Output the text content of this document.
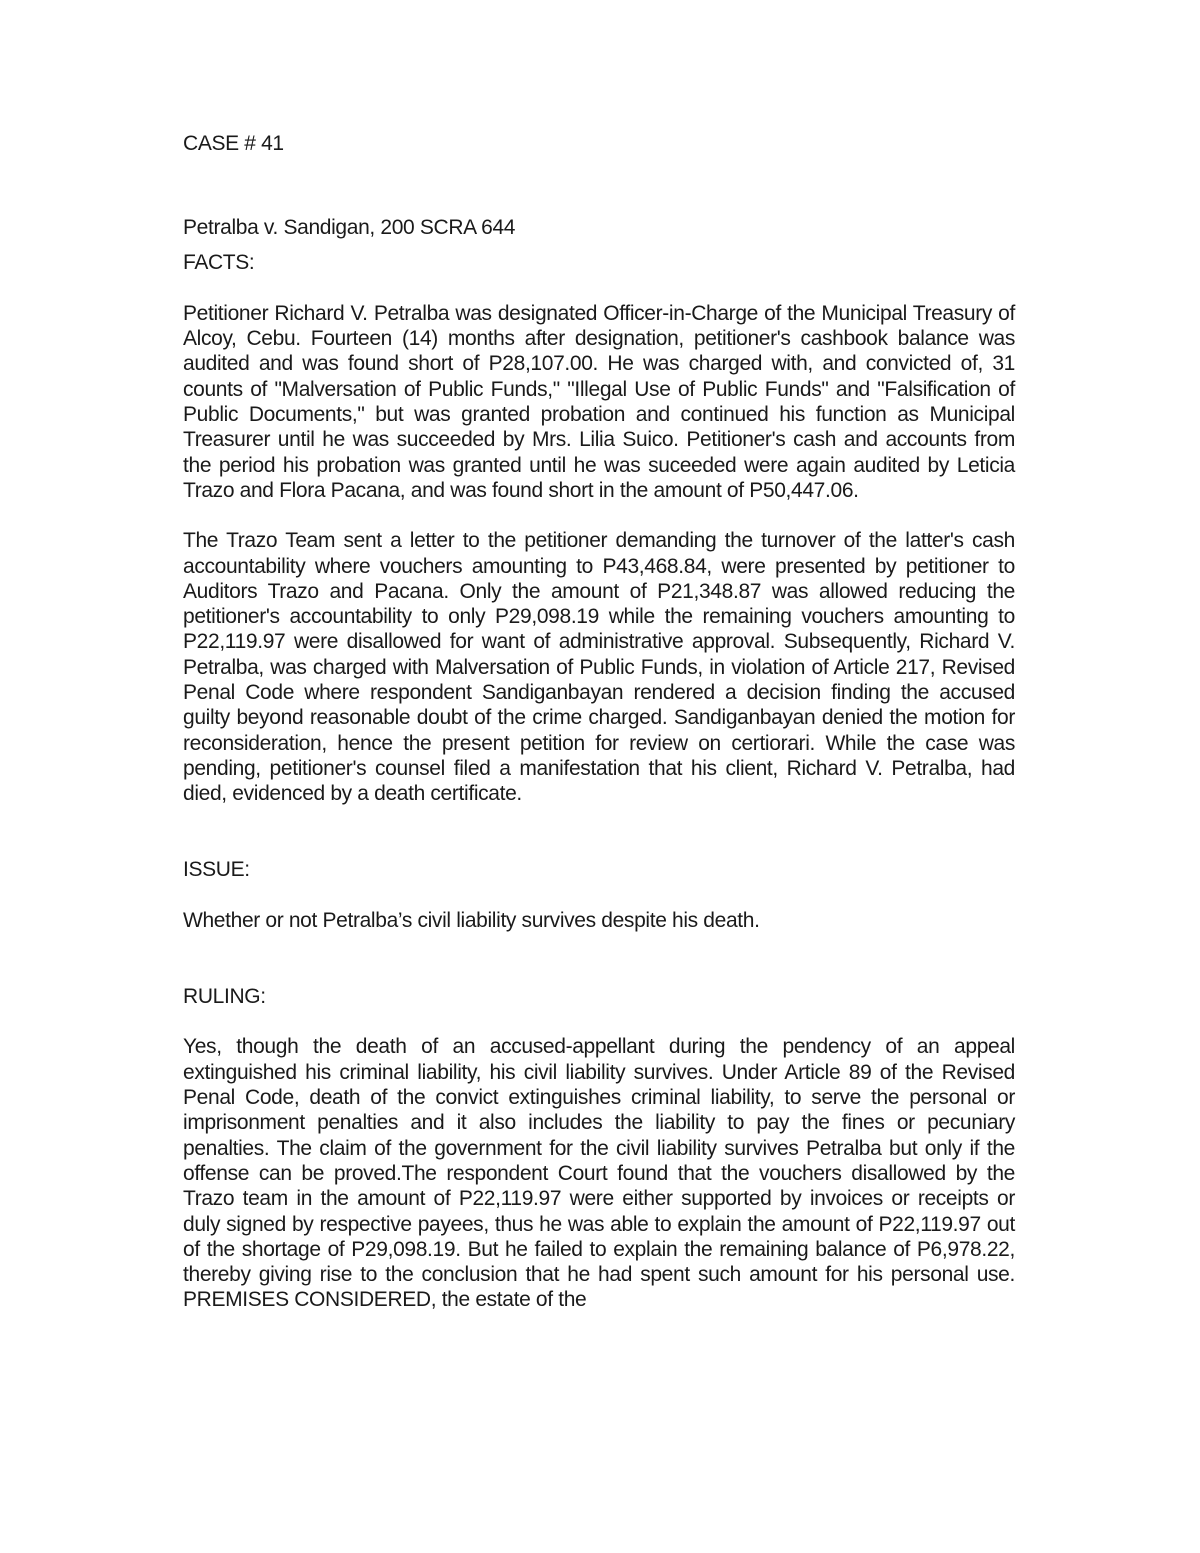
CASE # 41

Petralba v. Sandigan, 200 SCRA 644

FACTS:

Petitioner Richard V. Petralba was designated Officer-in-Charge of the Municipal Treasury of Alcoy, Cebu. Fourteen (14) months after designation, petitioner's cashbook balance was audited and was found short of P28,107.00. He was charged with, and convicted of, 31 counts of "Malversation of Public Funds," "Illegal Use of Public Funds" and "Falsification of Public Documents," but was granted probation and continued his function as Municipal Treasurer until he was succeeded by Mrs. Lilia Suico. Petitioner's cash and accounts from the period his probation was granted until he was suceeded were again audited by Leticia Trazo and Flora Pacana, and was found short in the amount of P50,447.06.

The Trazo Team sent a letter to the petitioner demanding the turnover of the latter's cash accountability where vouchers amounting to P43,468.84, were presented by petitioner to Auditors Trazo and Pacana. Only the amount of P21,348.87 was allowed reducing the petitioner's accountability to only P29,098.19 while the remaining vouchers amounting to P22,119.97 were disallowed for want of administrative approval. Subsequently, Richard V. Petralba, was charged with Malversation of Public Funds, in violation of Article 217, Revised Penal Code where respondent Sandiganbayan rendered a decision finding the accused guilty beyond reasonable doubt of the crime charged. Sandiganbayan denied the motion for reconsideration, hence the present petition for review on certiorari. While the case was pending, petitioner's counsel filed a manifestation that his client, Richard V. Petralba, had died, evidenced by a death certificate.

ISSUE:

Whether or not Petralba’s civil liability survives despite his death.

RULING:

Yes, though the death of an accused-appellant during the pendency of an appeal extinguished his criminal liability, his civil liability survives. Under Article 89 of the Revised Penal Code, death of the convict extinguishes criminal liability, to serve the personal or imprisonment penalties and it also includes the liability to pay the fines or pecuniary penalties. The claim of the government for the civil liability survives Petralba but only if the offense can be proved.The respondent Court found that the vouchers disallowed by the Trazo team in the amount of P22,119.97 were either supported by invoices or receipts or duly signed by respective payees, thus he was able to explain the amount of P22,119.97 out of the shortage of P29,098.19. But he failed to explain the remaining balance of P6,978.22, thereby giving rise to the conclusion that he had spent such amount for his personal use. PREMISES CONSIDERED, the estate of the
